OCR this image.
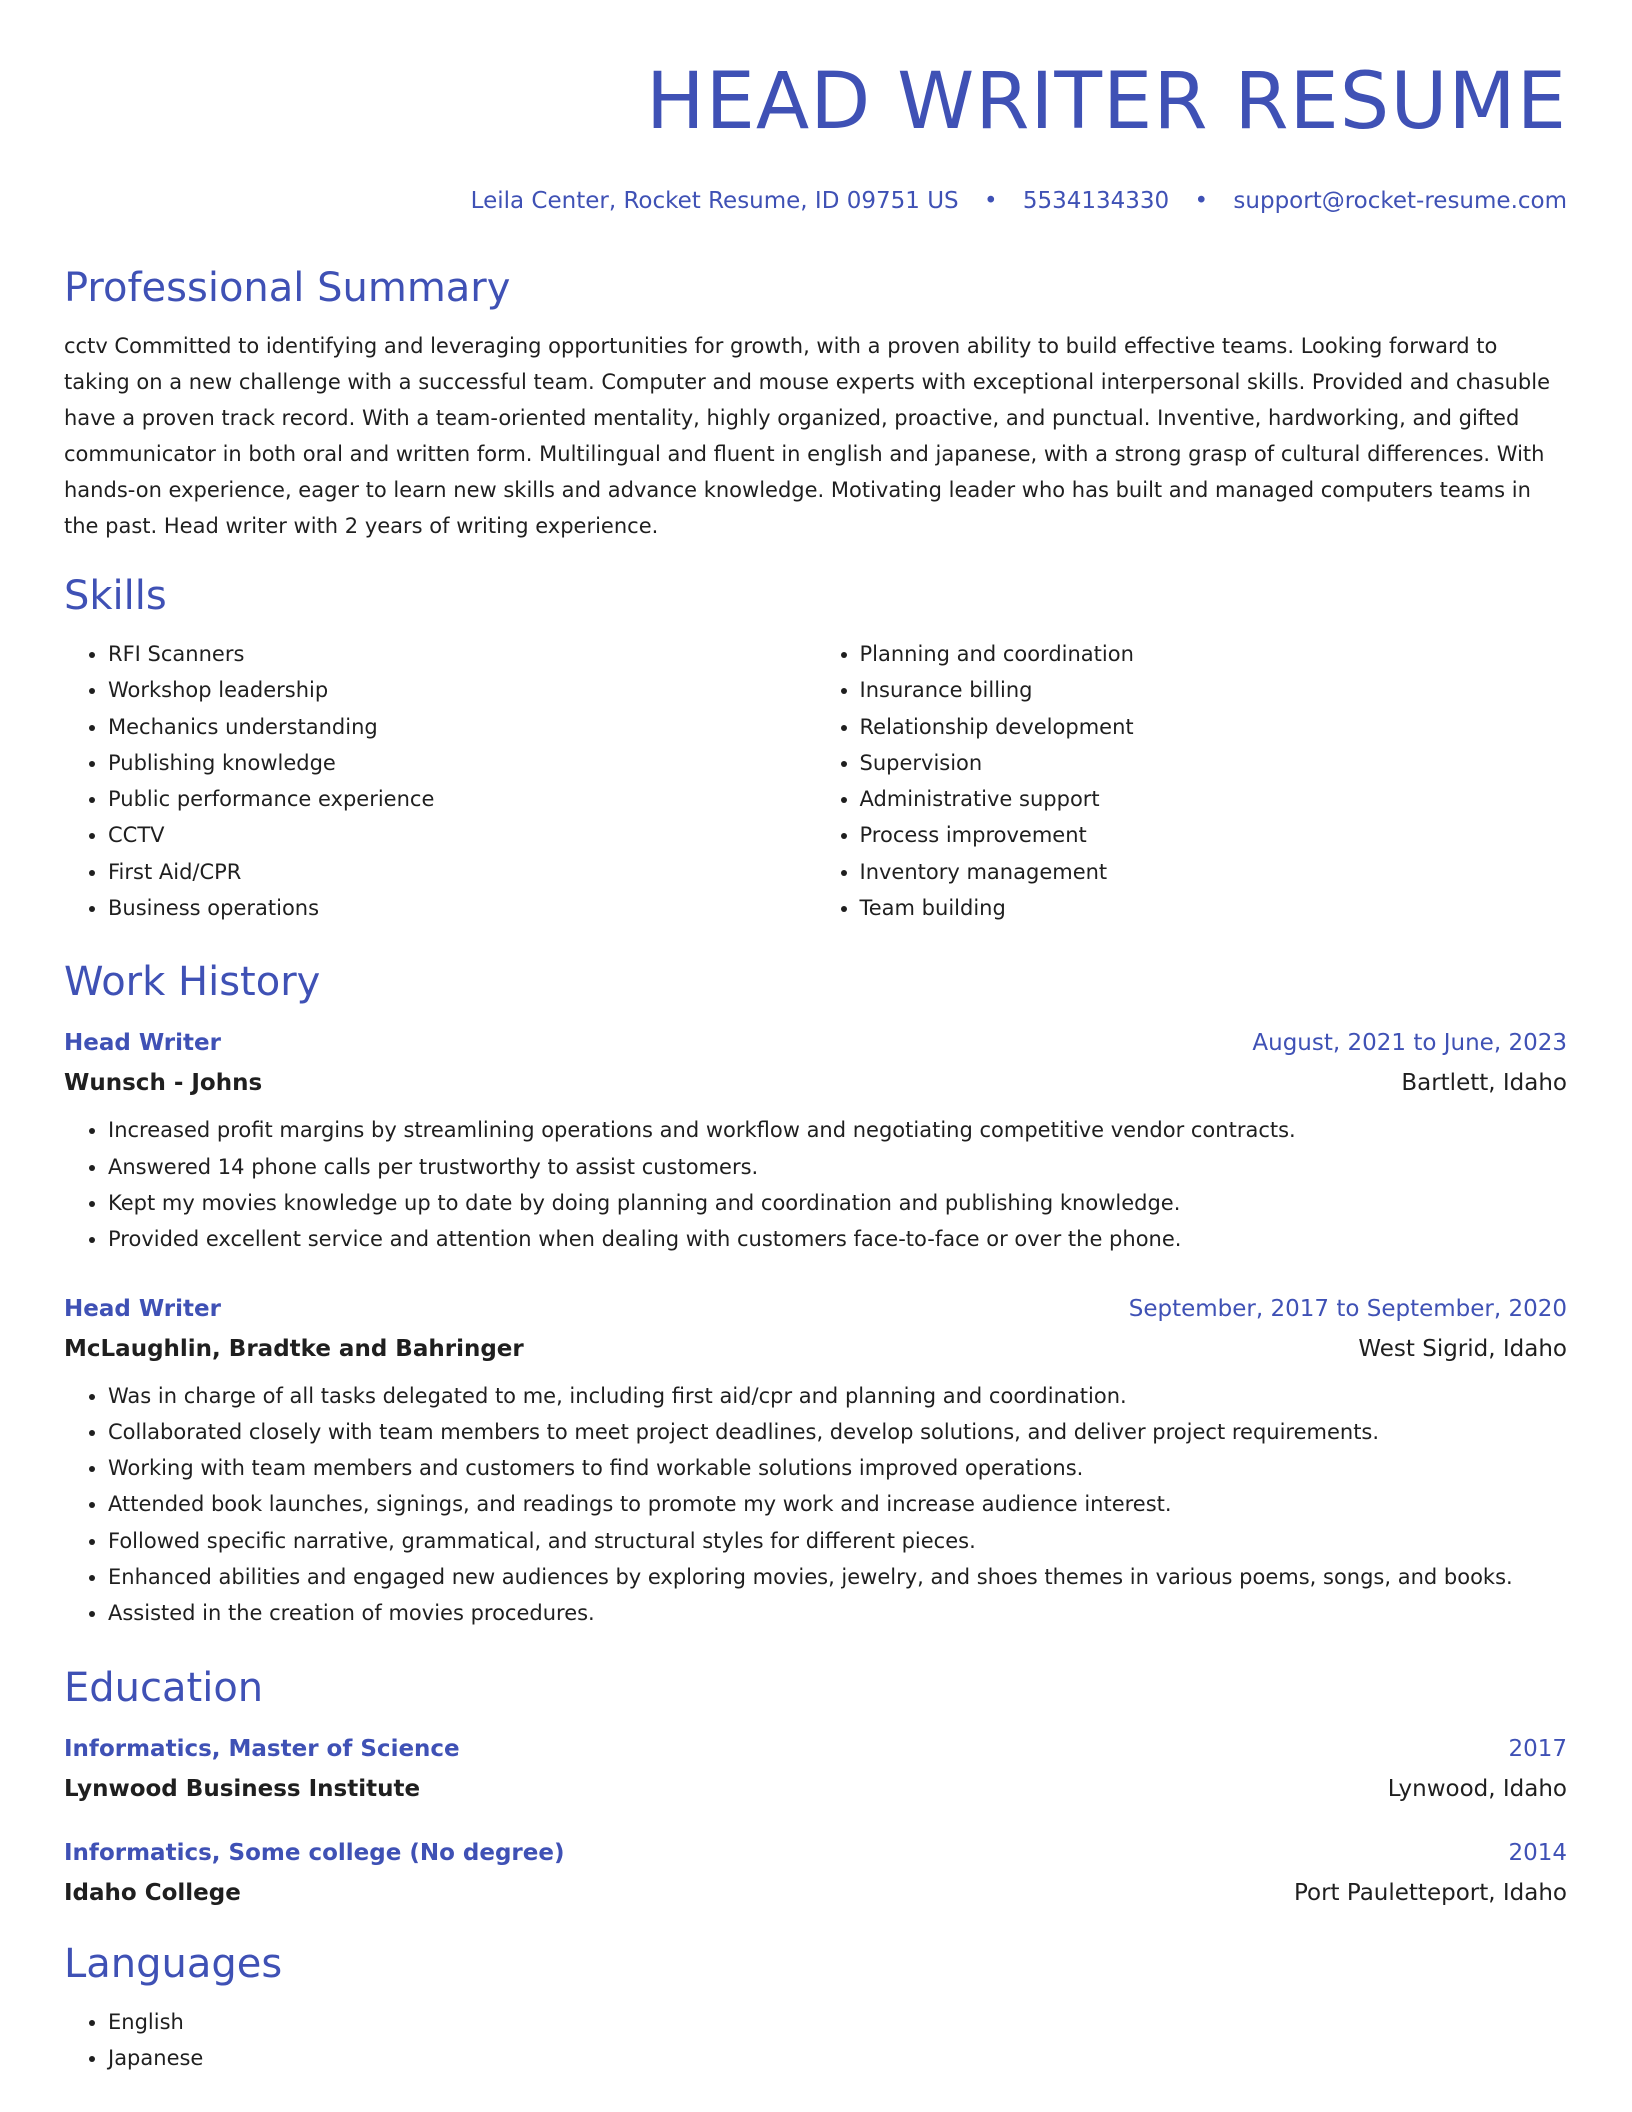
HEAD WRITER RESUME
Leila Center, Rocket Resume, ID 09751 US • 5534134330 • support@rocket-resume.com
Professional Summary

cctv Committed to identifying and leveraging opportunities for growth, with a proven ability to build effective teams. Looking forward to taking on a new challenge with a successful team. Computer and mouse experts with exceptional interpersonal skills. Provided and chasuble have a proven track record. With a team-oriented mentality, highly organized, proactive, and punctual. Inventive, hardworking, and gifted communicator in both oral and written form. Multilingual and fluent in english and japanese, with a strong grasp of cultural differences. With hands-on experience, eager to learn new skills and advance knowledge. Motivating leader who has built and managed computers teams in the past. Head writer with 2 years of writing experience.

Skills
• RFI Scanners
• Workshop leadership
• Mechanics understanding
• Publishing knowledge
• Public performance experience
• CCTV
• First Aid/CPR
• Business operations
• Planning and coordination
• Insurance billing
• Relationship development
• Supervision
• Administrative support
• Process improvement
• Inventory management
• Team building
Work History
Head Writer	August, 2021 to June, 2023
Wunsch - Johns	Bartlett, Idaho
• Increased profit margins by streamlining operations and workflow and negotiating competitive vendor contracts.
• Answered 14 phone calls per trustworthy to assist customers.
• Kept my movies knowledge up to date by doing planning and coordination and publishing knowledge.
• Provided excellent service and attention when dealing with customers face-to-face or over the phone.
Head Writer	September, 2017 to September, 2020
McLaughlin, Bradtke and Bahringer	West Sigrid, Idaho
• Was in charge of all tasks delegated to me, including first aid/cpr and planning and coordination.
• Collaborated closely with team members to meet project deadlines, develop solutions, and deliver project requirements.
• Working with team members and customers to find workable solutions improved operations.
• Attended book launches, signings, and readings to promote my work and increase audience interest.
• Followed specific narrative, grammatical, and structural styles for different pieces.
• Enhanced abilities and engaged new audiences by exploring movies, jewelry, and shoes themes in various poems, songs, and books.
• Assisted in the creation of movies procedures.
Education
Informatics, Master of Science	2017
Lynwood Business Institute	Lynwood, Idaho
Informatics, Some college (No degree)	2014
Idaho College	Port Pauletteport, Idaho
Languages
• English
• Japanese
